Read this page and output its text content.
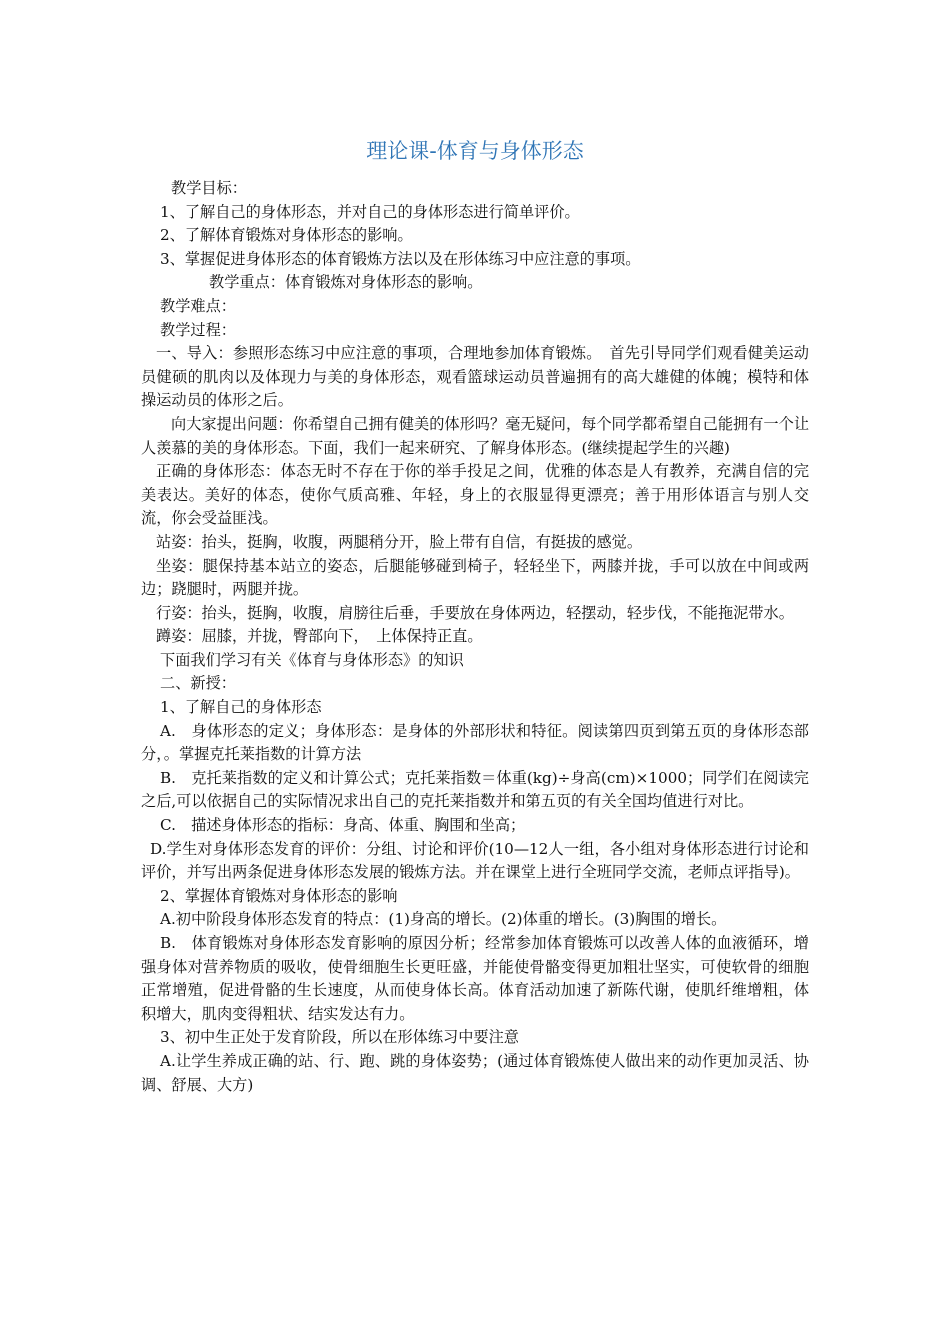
理论课-体育与身体形态

教学目标：

1、了解自己的身体形态，并对自己的身体形态进行简单评价。

2、了解体育锻炼对身体形态的影响。

3、掌握促进身体形态的体育锻炼方法以及在形体练习中应注意的事项。

教学重点：体育锻炼对身体形态的影响。

教学难点：

教学过程：

一、导入：参照形态练习中应注意的事项，合理地参加体育锻炼。　首先引导同学们观看健美运动员健硕的肌肉以及体现力与美的身体形态，观看篮球运动员普遍拥有的高大雄健的体魄；模特和体操运动员的体形之后。

向大家提出问题：你希望自己拥有健美的体形吗？毫无疑问，每个同学都希望自己能拥有一个让人羡慕的美的身体形态。下面，我们一起来研究、了解身体形态。(继续提起学生的兴趣)

正确的身体形态：体态无时不存在于你的举手投足之间，优雅的体态是人有教养，充满自信的完美表达。美好的体态，使你气质高雅、年轻，身上的衣服显得更漂亮；善于用形体语言与别人交流，你会受益匪浅。

站姿：抬头，挺胸，收腹，两腿稍分开，脸上带有自信，有挺拔的感觉。

坐姿：腿保持基本站立的姿态，后腿能够碰到椅子，轻轻坐下，两膝并拢，手可以放在中间或两边；跷腿时，两腿并拢。

行姿：抬头，挺胸，收腹，肩膀往后垂，手要放在身体两边，轻摆动，轻步伐，不能拖泥带水。

蹲姿：屈膝，并拢，臀部向下，　上体保持正直。

下面我们学习有关《体育与身体形态》的知识

二、新授：

1、了解自己的身体形态

A.　身体形态的定义；身体形态：是身体的外部形状和特征。阅读第四页到第五页的身体形态部分，。掌握克托莱指数的计算方法

B.　克托莱指数的定义和计算公式；克托莱指数＝体重(kg)÷身高(cm)×1000；同学们在阅读完之后,可以依据自己的实际情况求出自己的克托莱指数并和第五页的有关全国均值进行对比。

C.　描述身体形态的指标：身高、体重、胸围和坐高；

D.学生对身体形态发育的评价：分组、讨论和评价(10—12人一组，各小组对身体形态进行讨论和评价，并写出两条促进身体形态发展的锻炼方法。并在课堂上进行全班同学交流，老师点评指导)。

2、掌握体育锻炼对身体形态的影响

A.初中阶段身体形态发育的特点：(1)身高的增长。(2)体重的增长。(3)胸围的增长。

B.　体育锻炼对身体形态发育影响的原因分析；经常参加体育锻炼可以改善人体的血液循环，增强身体对营养物质的吸收，使骨细胞生长更旺盛，并能使骨骼变得更加粗壮坚实，可使软骨的细胞正常增殖，促进骨骼的生长速度，从而使身体长高。体育活动加速了新陈代谢，使肌纤维增粗，体积增大，肌肉变得粗状、结实发达有力。

3、初中生正处于发育阶段，所以在形体练习中要注意

A.让学生养成正确的站、行、跑、跳的身体姿势；(通过体育锻炼使人做出来的动作更加灵活、协调、舒展、大方)
